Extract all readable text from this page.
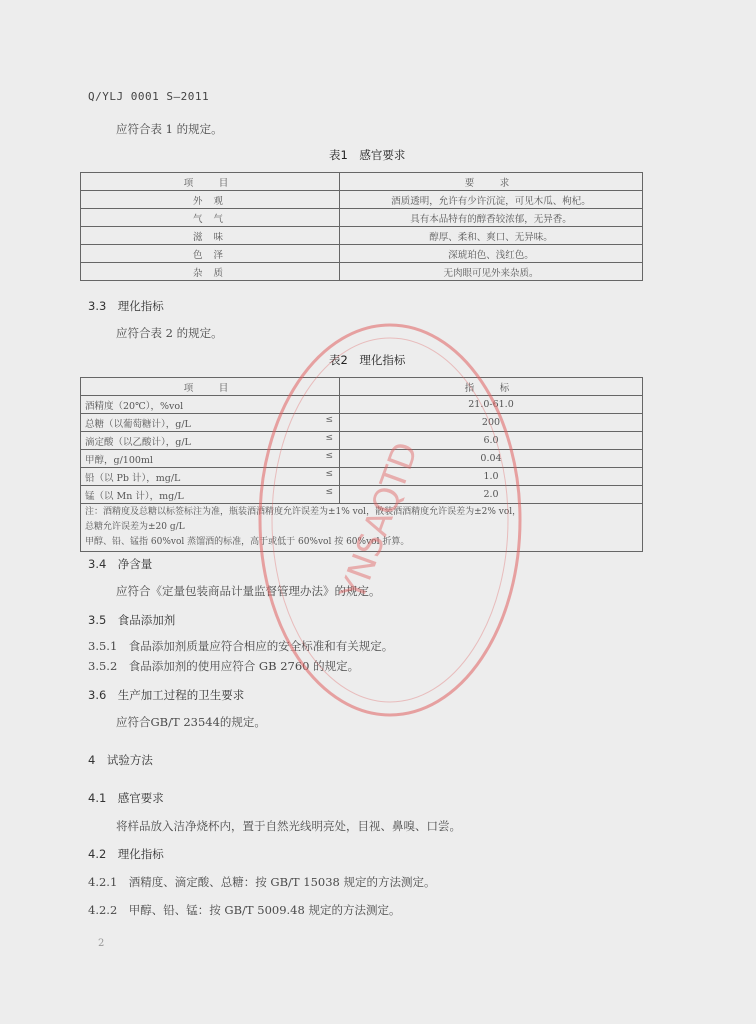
Q/YLJ 0001 S—2011
应符合表 1 的规定。
表1　感官要求
项　目	要　求
外 观	酒质透明，允许有少许沉淀，可见木瓜、枸杞。
气 气	具有本品特有的醇香较浓郁，无异香。
滋 味	醇厚、柔和、爽口、无异味。
色 泽	深琥珀色、浅红色。
杂 质	无肉眼可见外来杂质。
3.3　理化指标
应符合表 2 的规定。
表2　理化指标
项　目	指　标
酒精度（20℃），%vol	21.0-61.0
总糖（以葡萄糖计），g/L ≤	200
滴定酸（以乙酸计），g/L ≤	6.0
甲醇，g/100ml ≤	0.04
铅（以 Pb 计），mg/L ≤	1.0
锰（以 Mn 计），mg/L ≤	2.0

注：酒精度及总糖以标签标注为准，瓶装酒酒精度允许误差为±1% vol，散装酒酒精度允许误差为±2% vol，
总糖允许误差为±20 g/L
甲醇、铅、锰指 60%vol 蒸馏酒的标准，高于或低于 60%vol 按 60%vol 折算。	
3.4　净含量
应符合《定量包装商品计量监督管理办法》的规定。
3.5　食品添加剂
3.5.1　食品添加剂质量应符合相应的安全标准和有关规定。
3.5.2　食品添加剂的使用应符合 GB 2760 的规定。
3.6　生产加工过程的卫生要求
应符合GB/T 23544的规定。
4　试验方法
4.1　感官要求
将样品放入洁净烧杯内，置于自然光线明亮处，目视、鼻嗅、口尝。
4.2　理化指标
4.2.1　酒精度、滴定酸、总糖：按 GB/T 15038 规定的方法测定。
4.2.2　甲醇、铅、锰：按 GB/T 5009.48 规定的方法测定。
2
YNSAQTD
